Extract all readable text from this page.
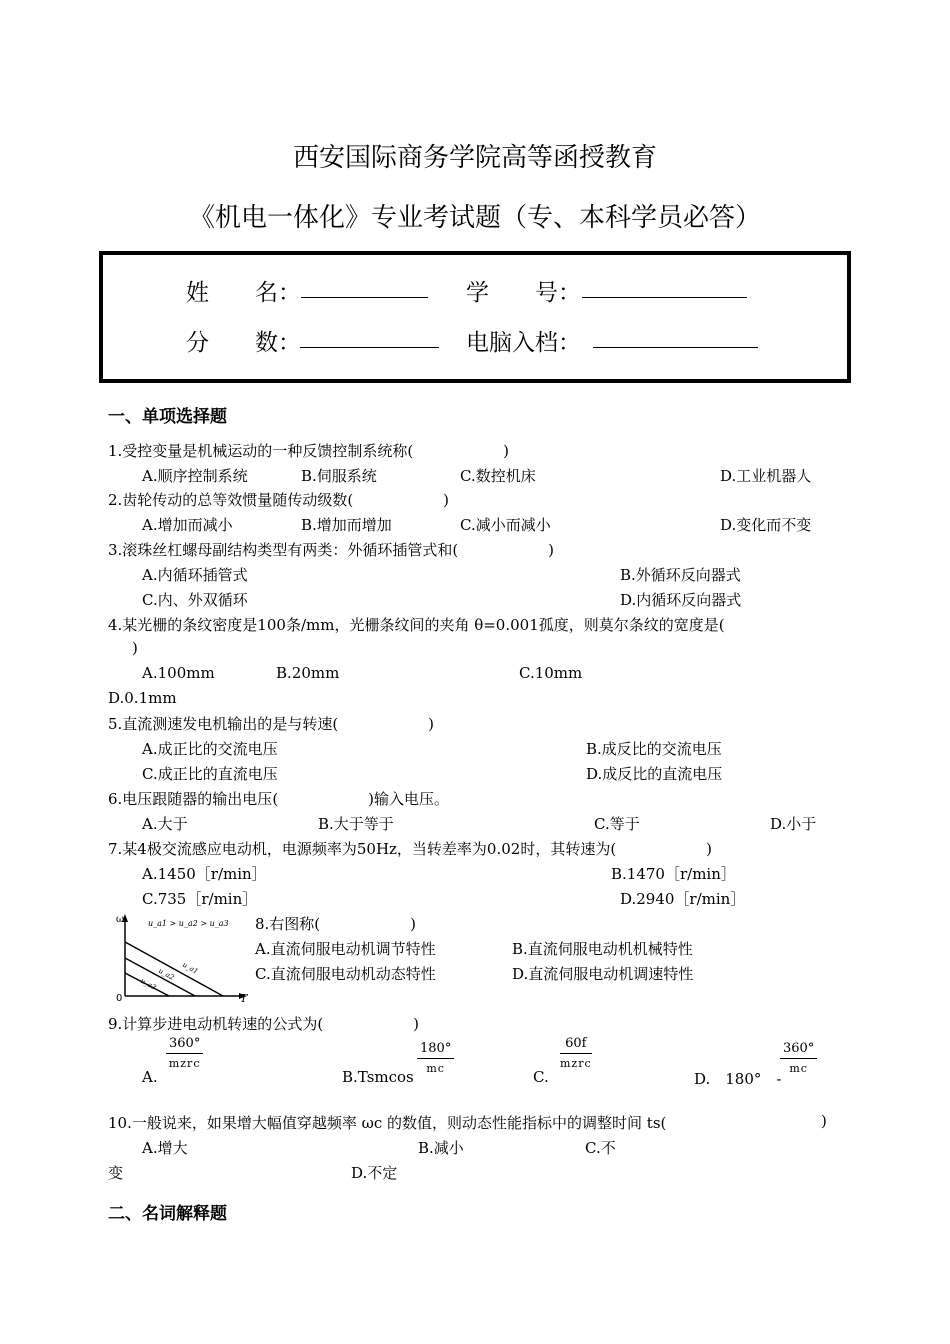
西安国际商务学院高等函授教育
《机电一体化》专业考试题（专、本科学员必答）
姓　　名：	学　　号：
分　　数：	电脑入档：
一、单项选择题
1.受控变量是机械运动的一种反馈控制系统称(　　　　　　)
A.顺序控制系统	B.伺服系统	C.数控机床	D.工业机器人
2.齿轮传动的总等效惯量随传动级数(　　　　　　)
A.增加而减小	B.增加而增加	C.减小而减小	D.变化而不变
3.滚珠丝杠螺母副结构类型有两类：外循环插管式和(　　　　　　)
A.内循环插管式	B.外循环反向器式
C.内、外双循环	D.内循环反向器式
4.某光栅的条纹密度是100条/mm，光栅条纹间的夹角 θ=0.001孤度，则莫尔条纹的宽度是(
)
A.100mm	B.20mm	C.10mm
D.0.1mm
5.直流测速发电机输出的是与转速(　　　　　　)
A.成正比的交流电压	B.成反比的交流电压
C.成正比的直流电压	D.成反比的直流电压
6.电压跟随器的输出电压(　　　　　　)输入电压。
A.大于	B.大于等于	C.等于	D.小于
7.某4极交流感应电动机，电源频率为50Hz，当转差率为0.02时，其转速为(　　　　　　)
A.1450［r/min］	B.1470［r/min］
C.735［r/min］	D.2940［r/min］
ω
T
0
u_a1 > u_a2 > u_a3
u_a1
u_a2
u_a3
8.右图称(　　　　　　)
A.直流伺服电动机调节特性	B.直流伺服电动机机械特性
C.直流伺服电动机动态特性	D.直流伺服电动机调速特性
9.计算步进电动机转速的公式为(　　　　　　)
A.
360°
mzrc
B.Tsmcos
180°
mc	C.
60f
mzrc
D.　180°　-
360°
mc
10.一般说来，如果增大幅值穿越频率 ωc 的数值，则动态性能指标中的调整时间 ts(	)
A.增大	B.减小	C.不
变	D.不定
二、名词解释题
